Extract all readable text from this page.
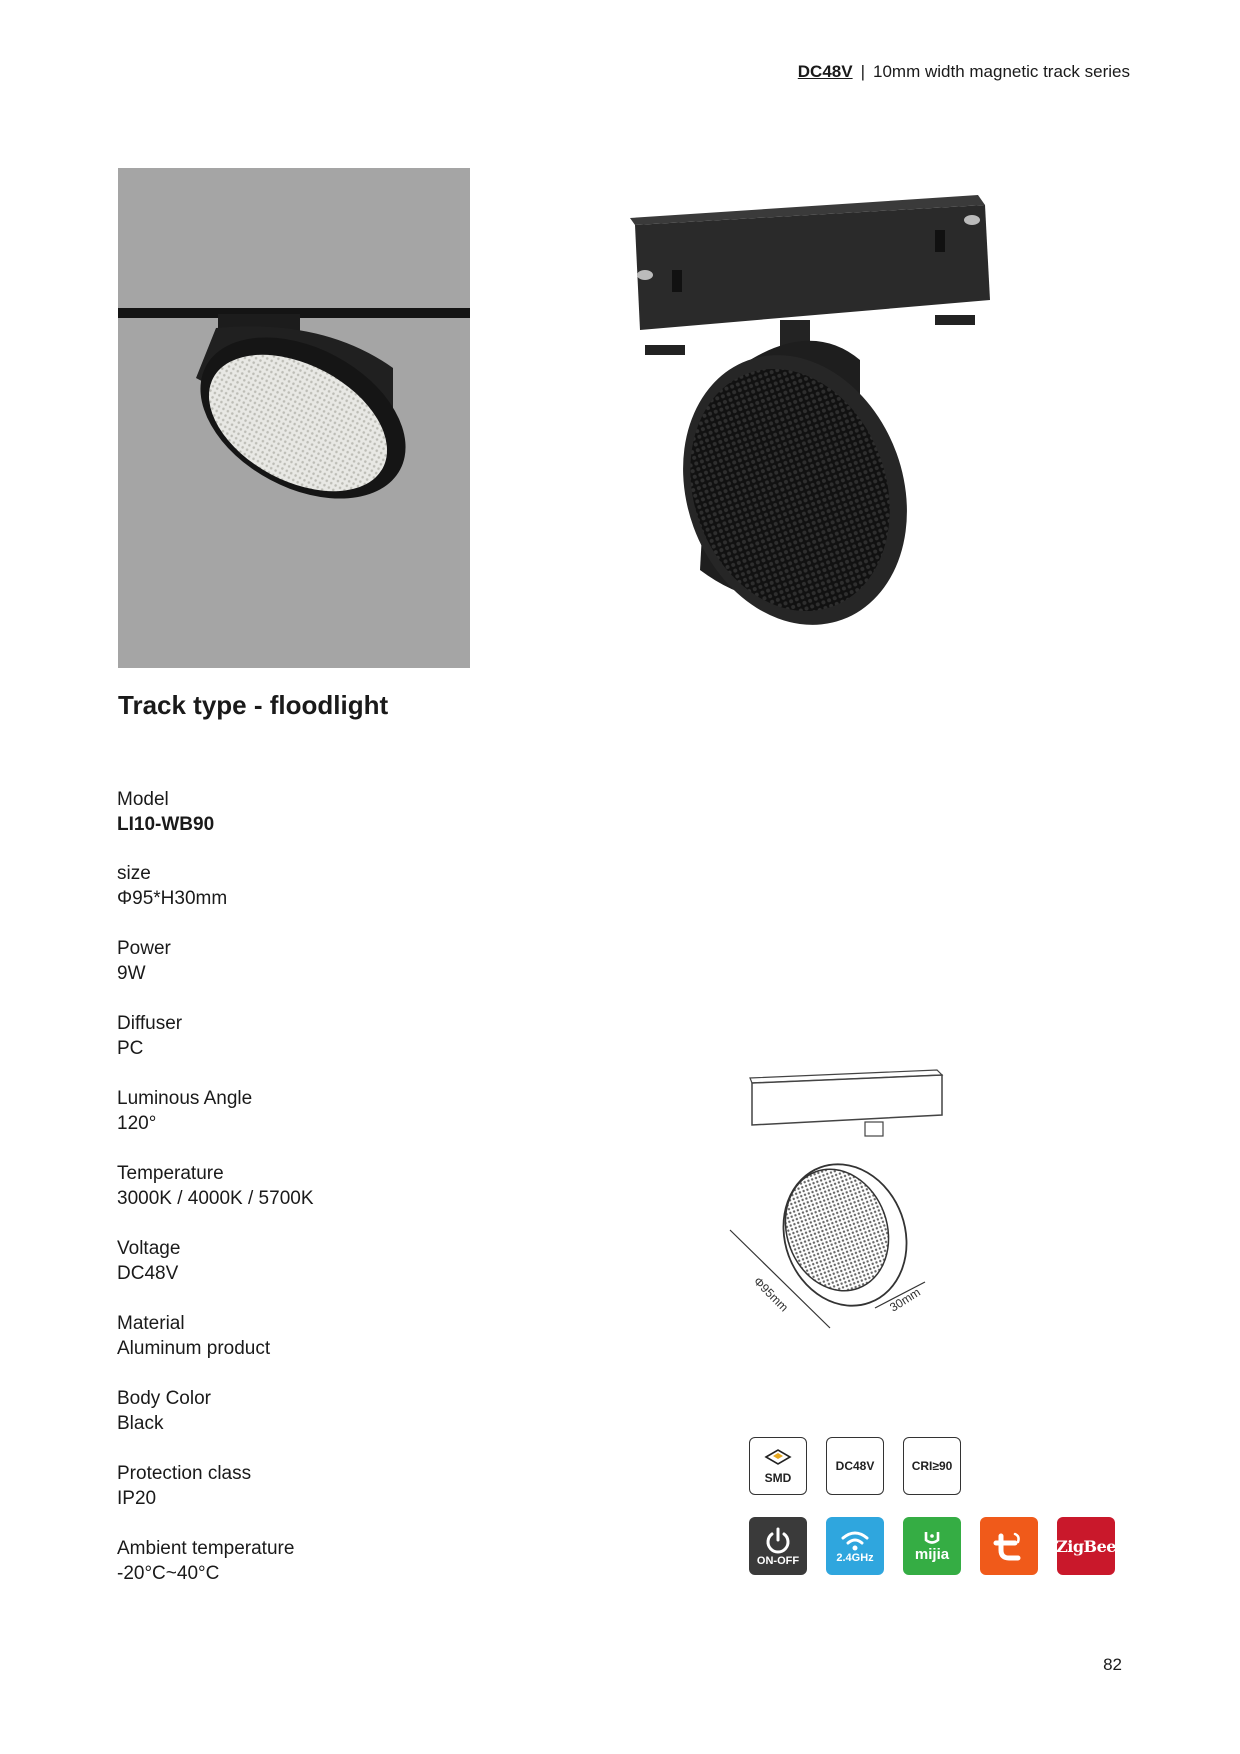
DC48V | 10mm width magnetic track series
Track type - floodlight
Model
LI10-WB90
size
Φ95*H30mm
Power
9W
Diffuser
PC
Luminous Angle
120°
Temperature
3000K / 4000K / 5700K
Voltage
DC48V
Material
Aluminum product
Body Color
Black
Protection class
IP20
Ambient temperature
-20°C~40°C
Φ95mm	30mm
SMD
DC48V	CRI≥90
ON-OFF	2.4GHz	mijia	ZigBee
82
